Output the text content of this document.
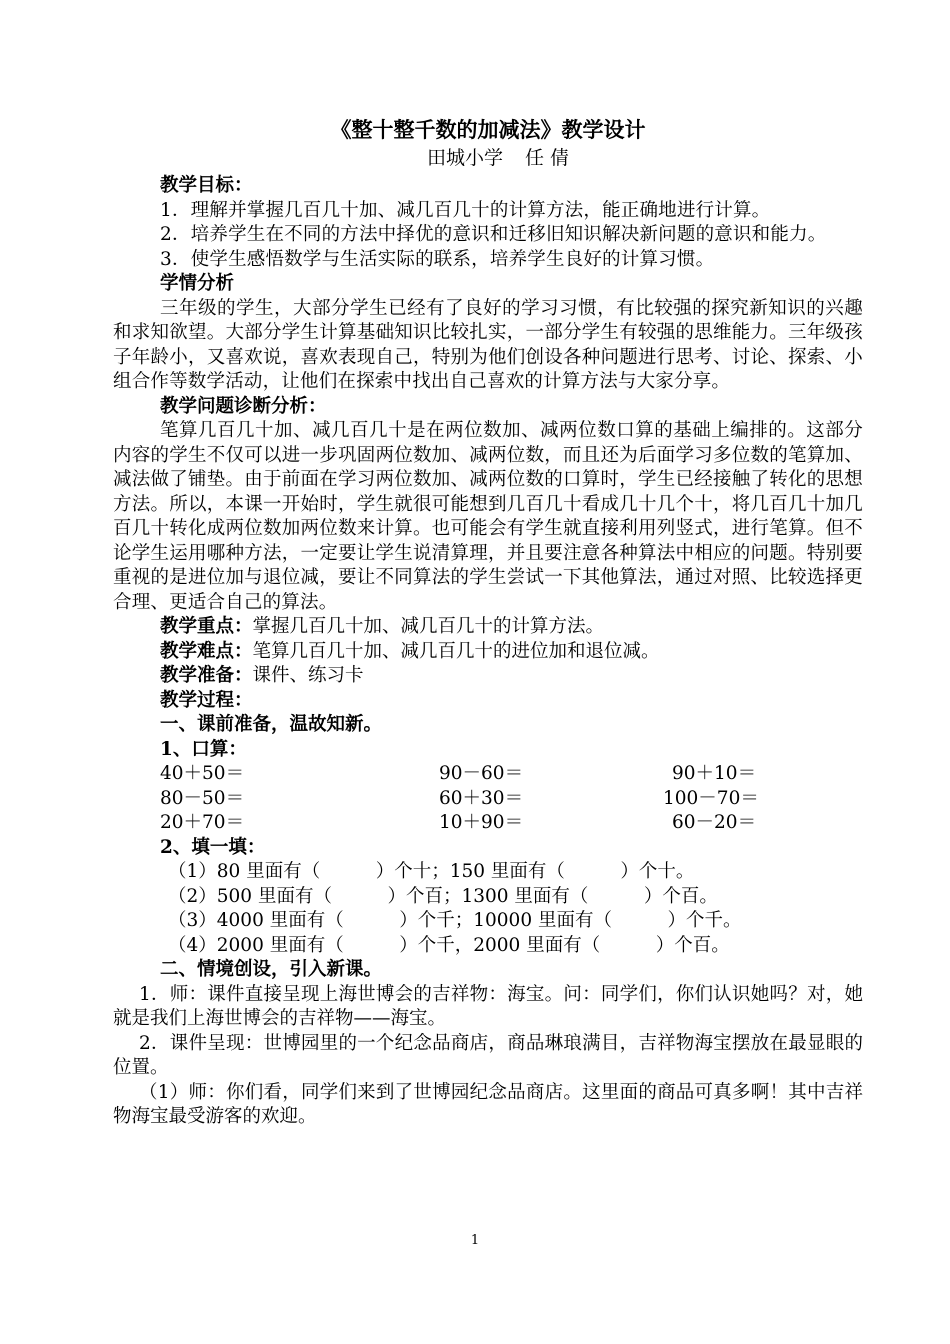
《整十整千数的加减法》教学设计
田城小学 任 倩
教学目标：
1．理解并掌握几百几十加、减几百几十的计算方法，能正确地进行计算。
2．培养学生在不同的方法中择优的意识和迁移旧知识解决新问题的意识和能力。
3．使学生感悟数学与生活实际的联系，培养学生良好的计算习惯。
学情分析
三年级的学生，大部分学生已经有了良好的学习习惯，有比较强的探究新知识的兴趣和求知欲望。大部分学生计算基础知识比较扎实，一部分学生有较强的思维能力。三年级孩子年龄小，又喜欢说，喜欢表现自己，特别为他们创设各种问题进行思考、讨论、探索、小组合作等数学活动，让他们在探索中找出自己喜欢的计算方法与大家分享。
教学问题诊断分析：
笔算几百几十加、减几百几十是在两位数加、减两位数口算的基础上编排的。这部分内容的学生不仅可以进一步巩固两位数加、减两位数，而且还为后面学习多位数的笔算加、减法做了铺垫。由于前面在学习两位数加、减两位数的口算时，学生已经接触了转化的思想方法。所以，本课一开始时，学生就很可能想到几百几十看成几十几个十，将几百几十加几百几十转化成两位数加两位数来计算。也可能会有学生就直接利用列竖式，进行笔算。但不论学生运用哪种方法，一定要让学生说清算理，并且要注意各种算法中相应的问题。特别要重视的是进位加与退位减，要让不同算法的学生尝试一下其他算法，通过对照、比较选择更合理、更适合自己的算法。
教学重点：掌握几百几十加、减几百几十的计算方法。
教学难点：笔算几百几十加、减几百几十的进位加和退位减。
教学准备：课件、练习卡
教学过程：
一、课前准备，温故知新。
1、口算：
40＋50＝	90－60＝	90＋10＝
80－50＝	60＋30＝	100－70＝
20＋70＝	10＋90＝	60－20＝
2、填一填：
（1）80 里面有（　　　）个十；150 里面有（　　　）个十。
（2）500 里面有（　　　）个百；1300 里面有（　　　）个百。
（3）4000 里面有（　　　）个千；10000 里面有（　　　）个千。
（4）2000 里面有（　　　）个千，2000 里面有（　　　）个百。
二、情境创设，引入新课。
1．师：课件直接呈现上海世博会的吉祥物：海宝。问：同学们，你们认识她吗？对，她就是我们上海世博会的吉祥物——海宝。
2．课件呈现：世博园里的一个纪念品商店，商品琳琅满目，吉祥物海宝摆放在最显眼的位置。
（1）师：你们看，同学们来到了世博园纪念品商店。这里面的商品可真多啊！其中吉祥物海宝最受游客的欢迎。
1
